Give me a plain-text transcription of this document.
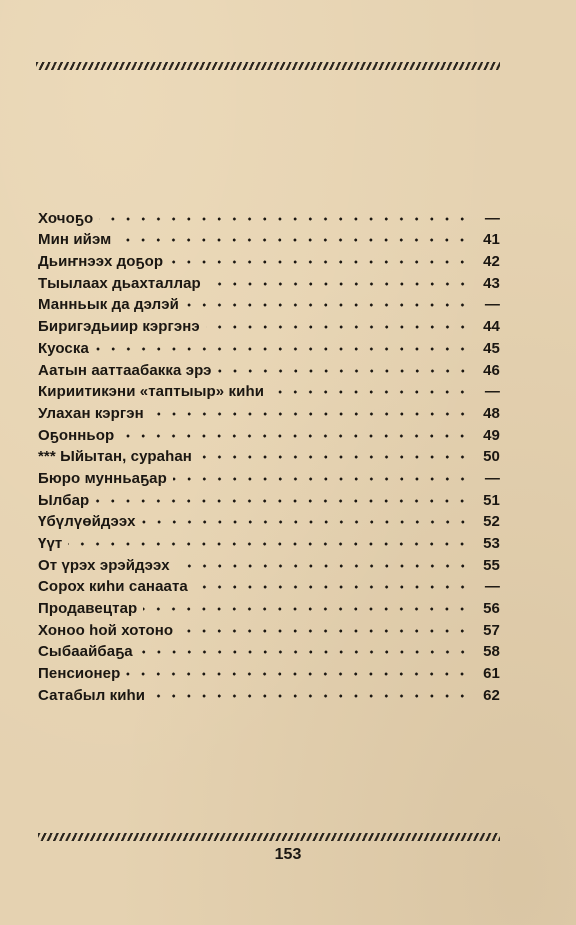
Хочоҕо	—
Мин ийэм	41
Дьиҥнээх доҕор	42
Тыылаах дьахталлар	43
Манньык да дэлэй	—
Биригэдьиир кэргэнэ	44
Куоска	45
Аатын ааттаабакка эрэ	46
Кириитикэни «таптыыр» киһи	—
Улахан кэргэн	48
Оҕонньор	49
*** Ыйытан, сураһан	50
Бюро мунньаҕар	—
Ылбар	51
Үбүлүөйдээх	52
Үүт	53
От үрэх эрэйдээх	55
Сорох киһи санаата	—
Продавецтар	56
Хоноо һой хотоно	57
Сыбаайбаҕа	58
Пенсионер	61
Сатабыл киһи	62
153
